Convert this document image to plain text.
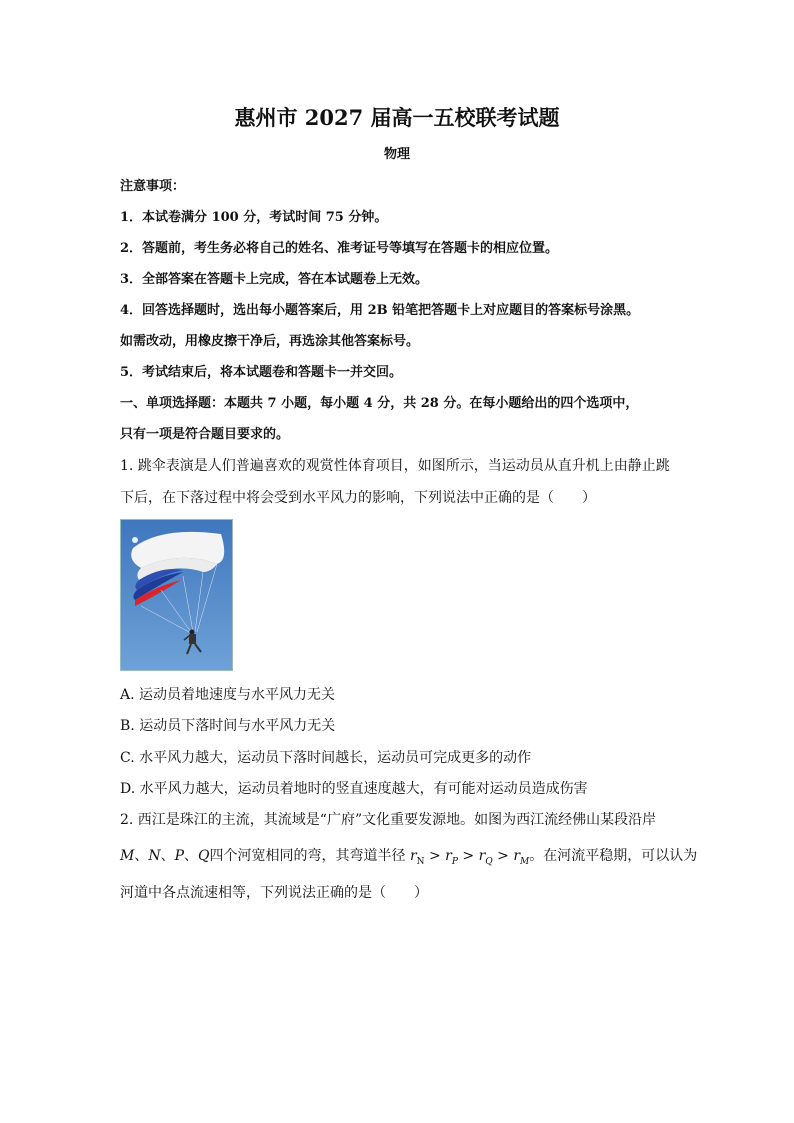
惠州市 2027 届高一五校联考试题
物理
注意事项：
1．本试卷满分 100 分，考试时间 75 分钟。
2．答题前，考生务必将自己的姓名、准考证号等填写在答题卡的相应位置。
3．全部答案在答题卡上完成，答在本试题卷上无效。
4．回答选择题时，选出每小题答案后，用 2B 铅笔把答题卡上对应题目的答案标号涂黑。
如需改动，用橡皮擦干净后，再选涂其他答案标号。
5．考试结束后，将本试题卷和答题卡一并交回。
一、单项选择题：本题共 7 小题，每小题 4 分，共 28 分。在每小题给出的四个选项中，
只有一项是符合题目要求的。
1. 跳伞表演是人们普遍喜欢的观赏性体育项目，如图所示，当运动员从直升机上由静止跳
下后，在下落过程中将会受到水平风力的影响，下列说法中正确的是（　　）
A. 运动员着地速度与水平风力无关
B. 运动员下落时间与水平风力无关
C. 水平风力越大，运动员下落时间越长，运动员可完成更多的动作
D. 水平风力越大，运动员着地时的竖直速度越大，有可能对运动员造成伤害
2. 西江是珠江的主流，其流域是“广府”文化重要发源地。如图为西江流经佛山某段沿岸
M、N、P、Q四个河宽相同的弯，其弯道半径 $r_N > r_P > r_Q > r_M$。在河流平稳期，可以认为
河道中各点流速相等，下列说法正确的是（　　）
